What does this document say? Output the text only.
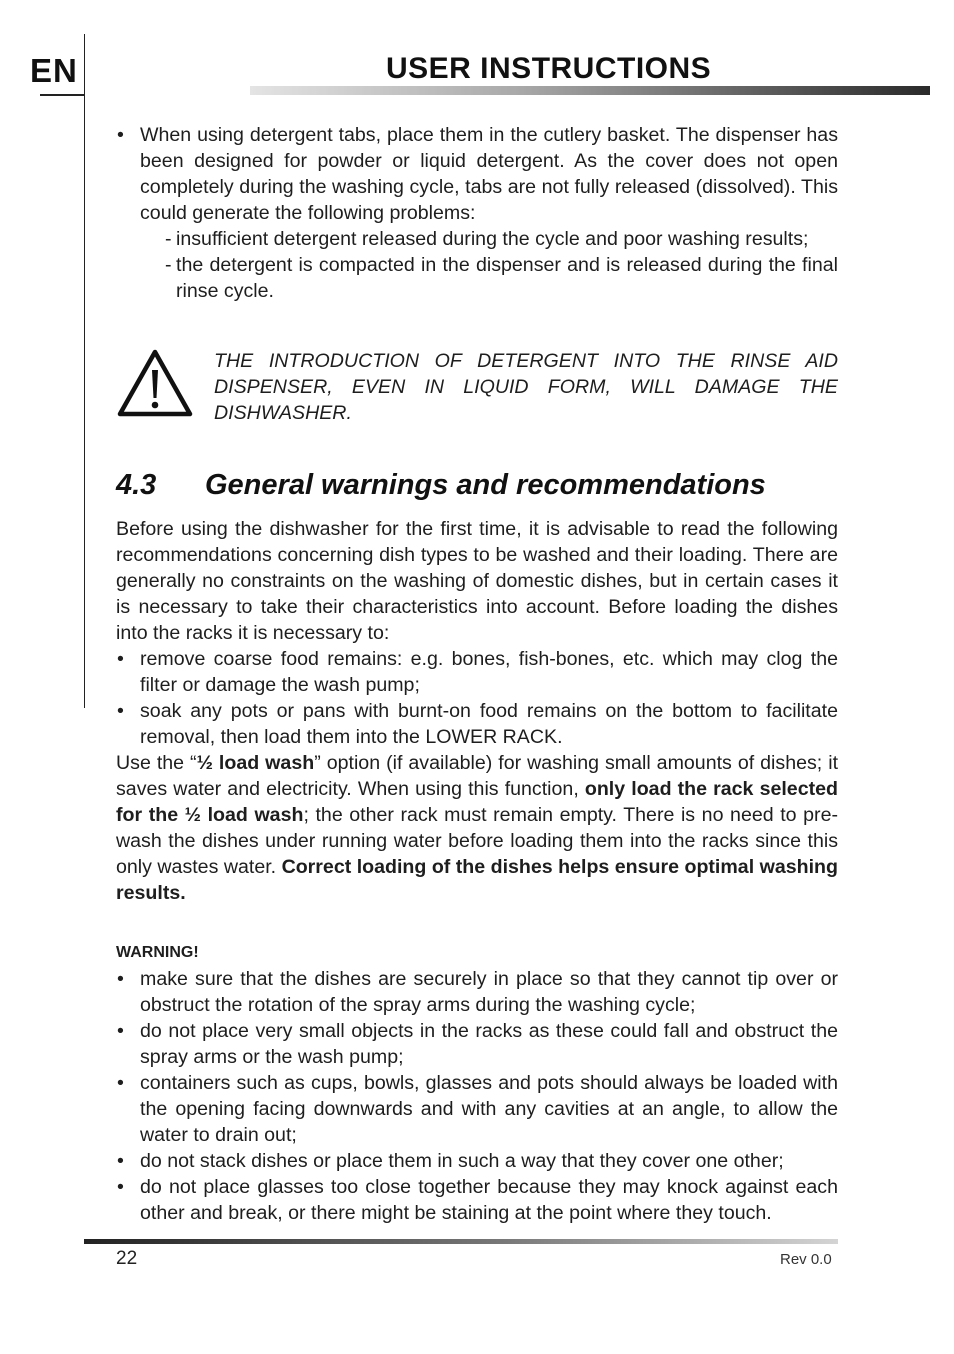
EN	USER INSTRUCTIONS
• When using detergent tabs, place them in the cutlery basket. The dispenser has been designed for powder or liquid detergent. As the cover does not open completely during the washing cycle, tabs are not fully released (dissolved). This could generate the following problems:
- insufficient detergent released during the cycle and poor washing results;
- the detergent is compacted in the dispenser and is released during the final rinse cycle.
THE INTRODUCTION OF DETERGENT INTO THE RINSE AID DISPENSER, EVEN IN LIQUID FORM, WILL DAMAGE THE DISHWASHER.
4.3 General warnings and recommendations

Before using the dishwasher for the first time, it is advisable to read the following recommendations concerning dish types to be washed and their loading. There are generally no constraints on the washing of domestic dishes, but in certain cases it is necessary to take their characteristics into account. Before loading the dishes into the racks it is necessary to:

• remove coarse food remains: e.g. bones, fish-bones, etc. which may clog the filter or damage the wash pump;
• soak any pots or pans with burnt-on food remains on the bottom to facilitate removal, then load them into the LOWER RACK.

Use the “½ load wash” option (if available) for washing small amounts of dishes; it saves water and electricity. When using this function, only load the rack selected for the ½ load wash; the other rack must remain empty. There is no need to pre-wash the dishes under running water before loading them into the racks since this only wastes water. Correct loading of the dishes helps ensure optimal washing results.

WARNING!
• make sure that the dishes are securely in place so that they cannot tip over or obstruct the rotation of the spray arms during the washing cycle;
• do not place very small objects in the racks as these could fall and obstruct the spray arms or the wash pump;
• containers such as cups, bowls, glasses and pots should always be loaded with the opening facing downwards and with any cavities at an angle, to allow the water to drain out;
• do not stack dishes or place them in such a way that they cover one other;
• do not place glasses too close together because they may knock against each other and break, or there might be staining at the point where they touch.
22	Rev 0.0
